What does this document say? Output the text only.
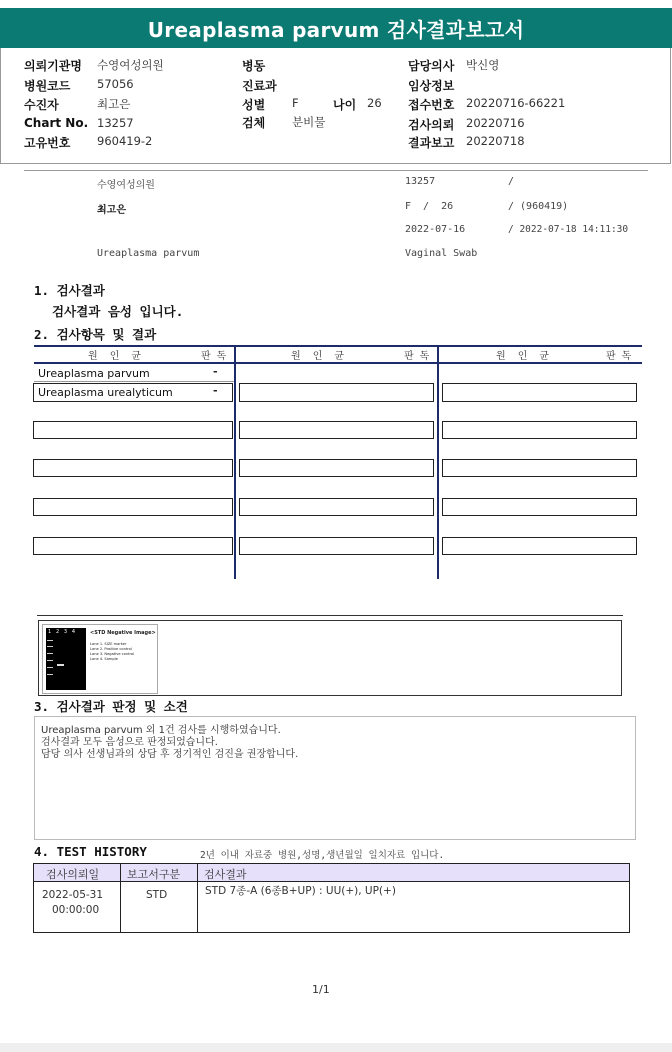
Ureaplasma parvum 검사결과보고서
의뢰기관명 수영여성의원
병원코드 57056
수진자	최고은
Chart No. 13257
고유번호 960419-2
병동
진료과
성별 F	나이 26
검체 분비물
담당의사 박신영
임상정보
접수번호 20220716-66221
검사의뢰 20220716
결과보고 20220718
수영여성의원	13257	/
최고은	F  /  26	/ (960419)
2022-07-16	/ 2022-07-18 14:11:30
Ureaplasma parvum	Vaginal Swab
1. 검사결과
검사결과 음성 입니다.
2. 검사항목 및 결과
원  인  균	판 독	원  인  균	판 독	원  인  균	판 독
Ureaplasma parvum	-
Ureaplasma urealyticum	-
1   2   3   4	<STD Negative Image>
Lane 1. SIZE marker
Lane 2. Positive control
Lane 3. Negative control
Lane 4. Sample
3. 검사결과 판정 및 소견
Ureaplasma parvum 외 1건 검사를 시행하였습니다.
검사결과 모두 음성으로 판정되었습니다.
담당 의사 선생님과의 상담 후 정기적인 검진을 권장합니다.
4. TEST HISTORY	2년 이내 자료중 병원,성명,생년월일 일치자료 입니다.
검사의뢰일	보고서구분 검사결과
2022-05-31
00:00:00
STD	STD 7종-A (6종B+UP) : UU(+), UP(+)
1/1
